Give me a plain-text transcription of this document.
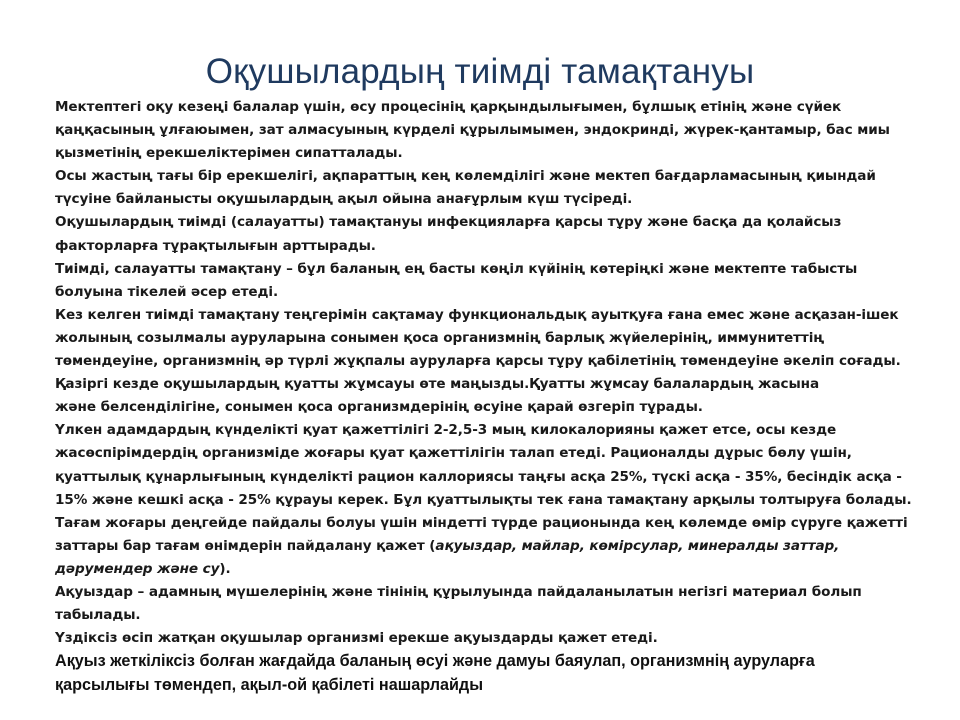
Оқушылардың тиімді тамақтануы
Мектептегі оқу кезеңі балалар үшін, өсу процесінің қарқындылығымен, бұлшық етінің және сүйек
қаңқасының ұлғаюымен, зат алмасуының күрделі құрылымымен, эндокринді, жүрек-қантамыр, бас миы
қызметінің ерекшеліктерімен сипатталады.
Осы жастың тағы бір ерекшелігі, ақпараттың кең көлемділігі және мектеп бағдарламасының қиындай
түсуіне байланысты оқушылардың ақыл ойына анағұрлым күш түсіреді.
Оқушылардың тиімді (салауатты) тамақтануы инфекцияларға қарсы тұру және басқа да қолайсыз
факторларға тұрақтылығын арттырады.
Тиімді, салауатты тамақтану – бұл баланың ең басты көңіл күйінің көтеріңкі және мектепте табысты
болуына тікелей әсер етеді.
Кез келген тиімді тамақтану теңгерімін сақтамау функциональдық ауытқуға ғана емес және асқазан-ішек
жолының созылмалы ауруларына сонымен қоса организмнің барлық жүйелерінің, иммунитеттің
төмендеуіне, организмнің әр түрлі жұқпалы ауруларға қарсы тұру қабілетінің төмендеуіне әкеліп соғады.
Қазіргі кезде оқушылардың қуатты жұмсауы өте маңызды.Қуатты жұмсау балалардың жасына
және белсенділігіне, сонымен қоса организмдерінің өсуіне қарай өзгеріп тұрады.
Үлкен адамдардың күнделікті қуат қажеттілігі 2-2,5-3 мың килокалорияны қажет етсе, осы кезде
жасөспірімдердің организміде жоғары қуат қажеттілігін талап етеді. Рационалды дұрыс бөлу үшін,
қуаттылық құнарлығының күнделікті рацион каллориясы таңғы асқа 25%, түскі асқа - 35%, бесіндік асқа -
15% және кешкі асқа - 25% құрауы керек. Бұл қуаттылықты тек ғана тамақтану арқылы толтыруға болады.
Тағам жоғары деңгейде пайдалы болуы үшін міндетті түрде рационында кең көлемде өмір сүруге қажетті
заттары бар тағам өнімдерін пайдалану қажет (ақуыздар, майлар, көмірсулар, минералды заттар,
дәрумендер және су).
Ақуыздар – адамның мүшелерінің және тінінің құрылуында пайдаланылатын негізгі материал болып
табылады.
Үздіксіз өсіп жатқан оқушылар организмі ерекше ақуыздарды қажет етеді.
Ақуыз жеткіліксіз болған жағдайда баланың өсуі және дамуы баяулап, организмнің ауруларға
қарсылығы төмендеп, ақыл-ой қабілеті нашарлайды
